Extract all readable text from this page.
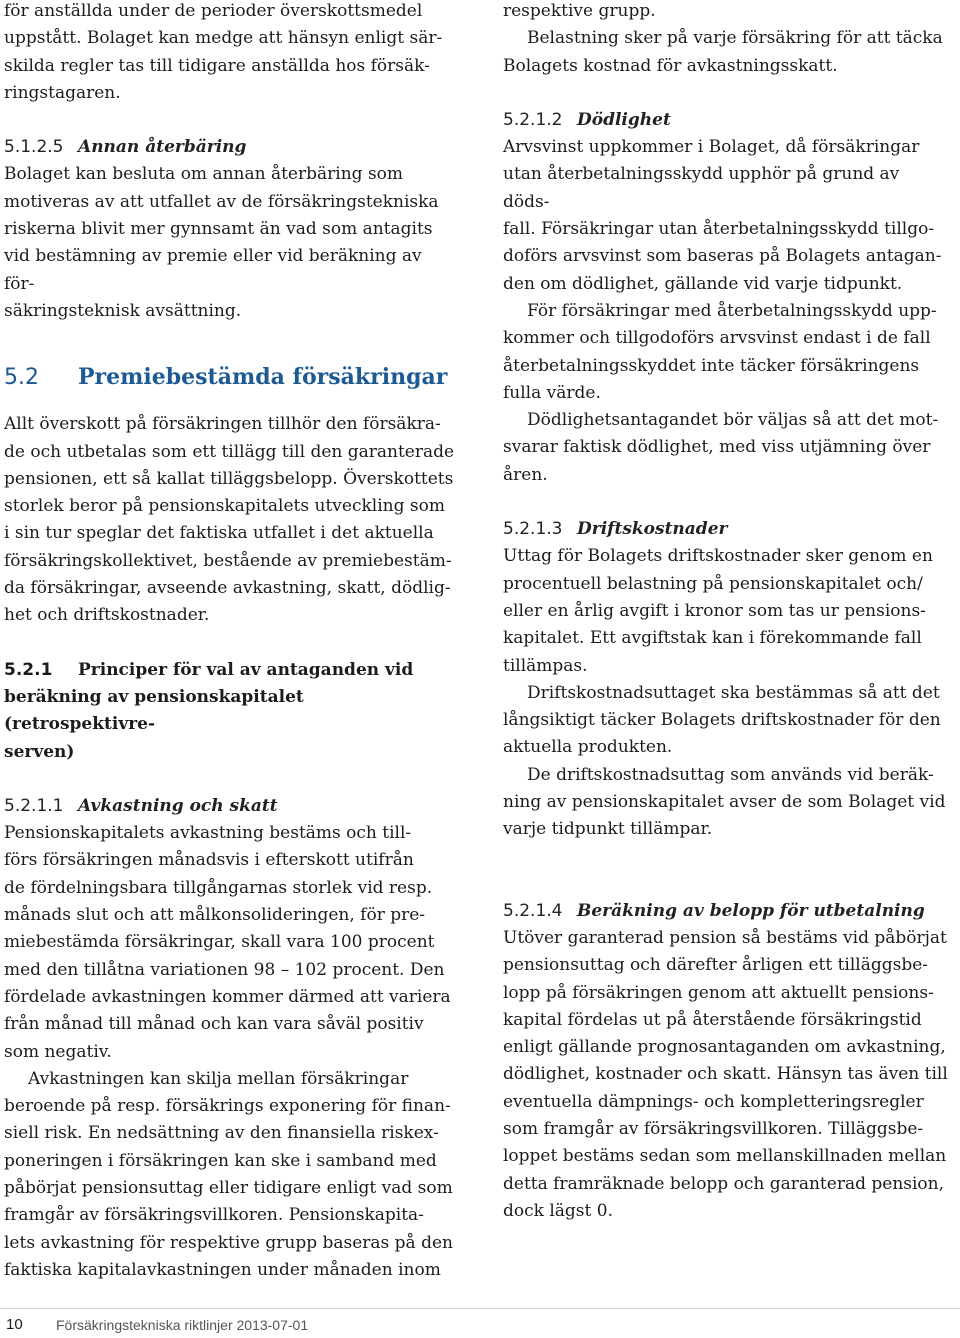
för anställda under de perioder överskottsmedel
uppstått. Bolaget kan medge att hänsyn enligt sär-
skilda regler tas till tidigare anställda hos försäk-
ringstagaren.

5.1.2.5 Annan återbäring

Bolaget kan besluta om annan återbäring som
motiveras av att utfallet av de försäkringstekniska
riskerna blivit mer gynnsamt än vad som antagits
vid bestämning av premie eller vid beräkning av för-
säkringsteknisk avsättning.

5.2 Premiebestämda försäkringar

Allt överskott på försäkringen tillhör den försäkra-
de och utbetalas som ett tillägg till den garanterade
pensionen, ett så kallat tilläggsbelopp. Överskottets
storlek beror på pensionskapitalets utveckling som
i sin tur speglar det faktiska utfallet i det aktuella
försäkringskollektivet, bestående av premiebestäm-
da försäkringar, avseende avkastning, skatt, dödlig-
het och driftskostnader.

5.2.1 Principer för val av antaganden vid
beräkning av pensionskapitalet (retrospektivre-
serven)
5.2.1.1 Avkastning och skatt

Pensionskapitalets avkastning bestäms och till-
förs försäkringen månadsvis i efterskott utifrån
de fördelningsbara tillgångarnas storlek vid resp.
månads slut och att målkonsolideringen, för pre-
miebestämda försäkringar, skall vara 100 procent
med den tillåtna variationen 98 – 102 procent. Den
fördelade avkastningen kommer därmed att variera
från månad till månad och kan vara såväl positiv
som negativ.

Avkastningen kan skilja mellan försäkringar
beroende på resp. försäkrings exponering för finan-
siell risk. En nedsättning av den finansiella riskex-
poneringen i försäkringen kan ske i samband med
påbörjat pensionsuttag eller tidigare enligt vad som
framgår av försäkringsvillkoren. Pensionskapita-
lets avkastning för respektive grupp baseras på den
faktiska kapitalavkastningen under månaden inom

respektive grupp.

Belastning sker på varje försäkring för att täcka
Bolagets kostnad för avkastningsskatt.

5.2.1.2 Dödlighet

Arvsvinst uppkommer i Bolaget, då försäkringar
utan återbetalningsskydd upphör på grund av döds-
fall. Försäkringar utan återbetalningsskydd tillgo-
doförs arvsvinst som baseras på Bolagets antagan-
den om dödlighet, gällande vid varje tidpunkt.

För försäkringar med återbetalningsskydd upp-
kommer och tillgodoförs arvsvinst endast i de fall
återbetalningsskyddet inte täcker försäkringens
fulla värde.

Dödlighetsantagandet bör väljas så att det mot-
svarar faktisk dödlighet, med viss utjämning över
åren.

5.2.1.3 Driftskostnader

Uttag för Bolagets driftskostnader sker genom en
procentuell belastning på pensionskapitalet och/
eller en årlig avgift i kronor som tas ur pensions-
kapitalet. Ett avgiftstak kan i förekommande fall
tillämpas.

Driftskostnadsuttaget ska bestämmas så att det
långsiktigt täcker Bolagets driftskostnader för den
aktuella produkten.

De driftskostnadsuttag som används vid beräk-
ning av pensionskapitalet avser de som Bolaget vid
varje tidpunkt tillämpar.

5.2.1.4 Beräkning av belopp för utbetalning

Utöver garanterad pension så bestäms vid påbörjat
pensionsuttag och därefter årligen ett tilläggsbe-
lopp på försäkringen genom att aktuellt pensions-
kapital fördelas ut på återstående försäkringstid
enligt gällande prognosantaganden om avkastning,
dödlighet, kostnader och skatt. Hänsyn tas även till
eventuella dämpnings- och kompletteringsregler
som framgår av försäkringsvillkoren. Tilläggsbe-
loppet bestäms sedan som mellanskillnaden mellan
detta framräknade belopp och garanterad pension,
dock lägst 0.

10 Försäkringstekniska riktlinjer 2013-07-01
